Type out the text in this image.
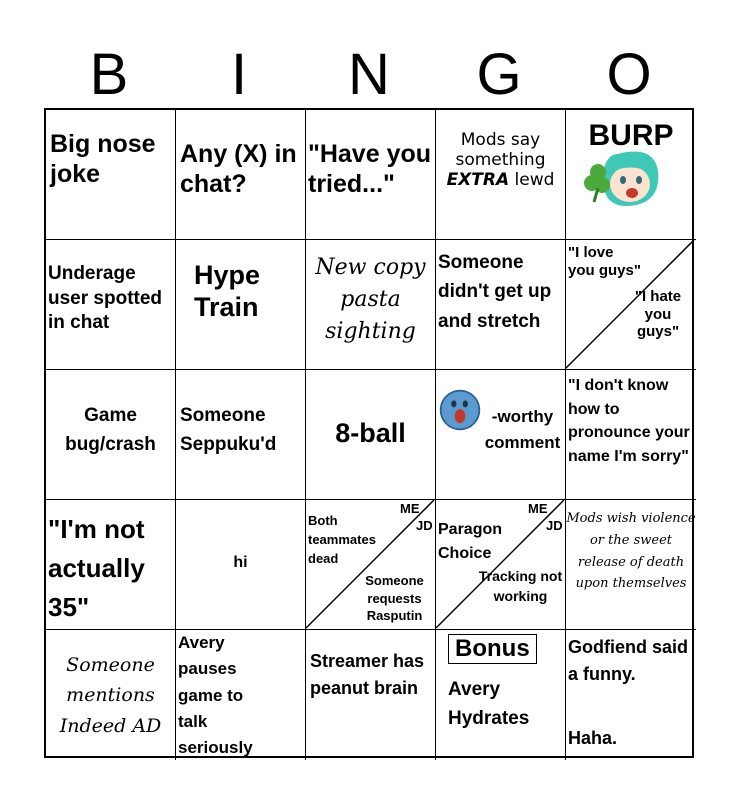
B	I	N	G	O
Big nose joke
Any (X) in chat?
"Have you tried..."
Mods say something
EXTRA lewd
BURP
Underage user spotted in chat
Hype Train
New copy pasta sighting
Someone didn't get up and stretch
"I love you guys"
"I hate you guys"
Game bug/crash
Someone Seppuku'd	8-ball
-worthy comment
"I don't know how to pronounce your name I'm sorry"
"I'm not actually 35"
hi
Both teammates dead
ME
JD
Someone requests Rasputin
Paragon Choice
ME
JD
Tracking not working
Mods wish violence or the sweet release of death upon themselves
Someone mentions Indeed AD
Avery pauses game to talk seriously
Streamer has peanut brain
Bonus
Avery Hydrates
Godfiend said a funny.
Haha.
